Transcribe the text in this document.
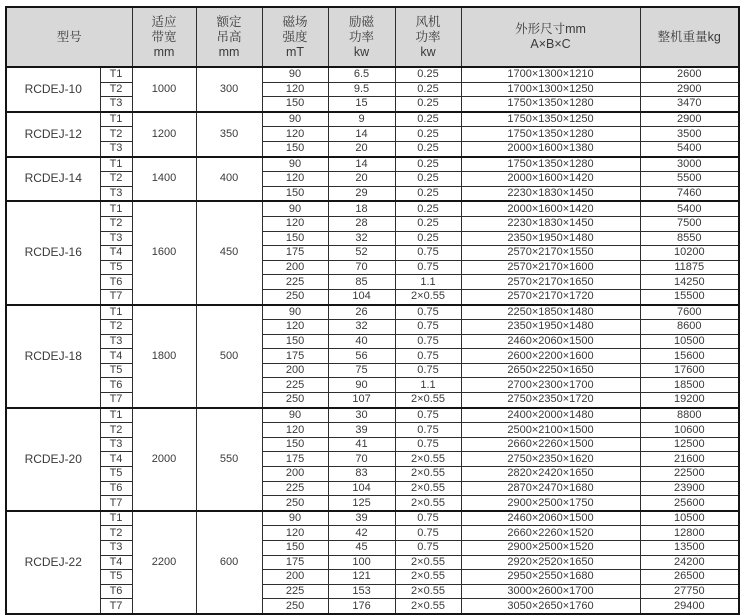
型号		适应
带宽
mm	额定
吊高
mm	磁场
强度
mT	励磁
功率
kw	风机
功率
kw	外形尺寸mm
A×B×C	整机重量kg
RCDEJ-10	T1	1000	300	90	6.5	0.25	1700×1300×1210	2600
	T2			120	9.5	0.25	1700×1300×1250	2900
	T3			150	15	0.25	1750×1350×1280	3470
RCDEJ-12	T1	1200	350	90	9	0.25	1750×1350×1250	2900
	T2			120	14	0.25	1750×1350×1280	3500
	T3			150	20	0.25	2000×1600×1380	5400
RCDEJ-14	T1	1400	400	90	14	0.25	1750×1350×1280	3000
	T2			120	20	0.25	2000×1600×1420	5500
	T3			150	29	0.25	2230×1830×1450	7460
RCDEJ-16	T1	1600	450	90	18	0.25	2000×1600×1420	5400
	T2			120	28	0.25	2230×1830×1450	7500
	T3			150	32	0.25	2350×1950×1480	8550
	T4			175	52	0.75	2570×2170×1550	10200
	T5			200	70	0.75	2570×2170×1600	11875
	T6			225	85	1.1	2570×2170×1650	14250
	T7			250	104	2×0.55	2570×2170×1720	15500
RCDEJ-18	T1	1800	500	90	26	0.75	2250×1850×1480	7600
	T2			120	32	0.75	2350×1950×1480	8600
	T3			150	40	0.75	2460×2060×1500	10500
	T4			175	56	0.75	2600×2200×1600	15600
	T5			200	75	0.75	2650×2250×1650	17600
	T6			225	90	1.1	2700×2300×1700	18500
	T7			250	107	2×0.55	2750×2350×1720	19200
RCDEJ-20	T1	2000	550	90	30	0.75	2400×2000×1480	8800
	T2			120	39	0.75	2500×2100×1500	10600
	T3			150	41	0.75	2660×2260×1500	12500
	T4			175	70	2×0.55	2750×2350×1620	21600
	T5			200	83	2×0.55	2820×2420×1650	22500
	T6			225	104	2×0.55	2870×2470×1680	23900
	T7			250	125	2×0.55	2900×2500×1750	25600
RCDEJ-22	T1	2200	600	90	39	0.75	2460×2060×1500	10500
	T2			120	42	0.75	2660×2260×1520	12800
	T3			150	45	0.75	2900×2500×1520	13500
	T4			175	100	2×0.55	2920×2520×1650	24200
	T5			200	121	2×0.55	2950×2550×1680	26500
	T6			225	153	2×0.55	3000×2600×1700	27750
	T7			250	176	2×0.55	3050×2650×1760	29400
